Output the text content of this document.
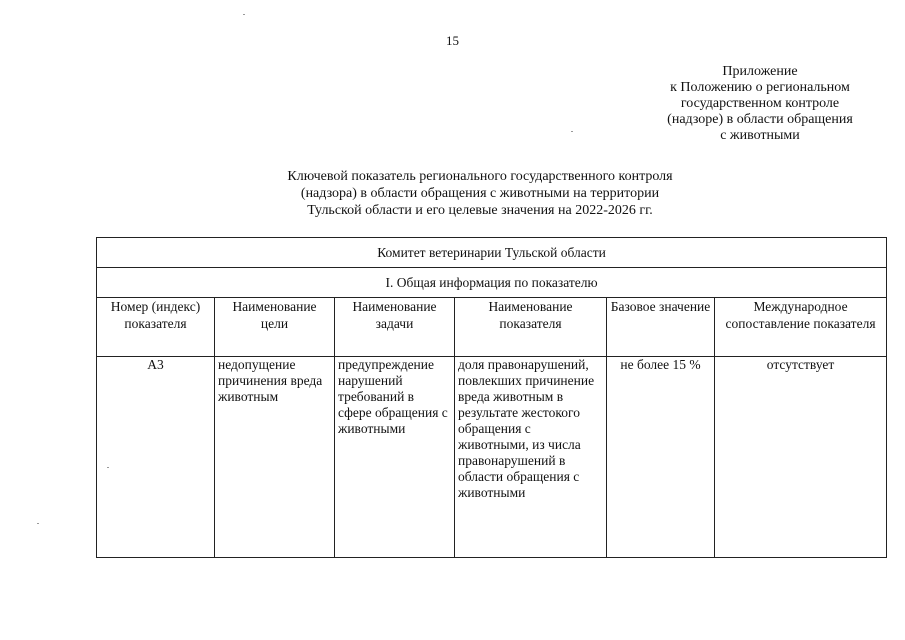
15
Приложение
к Положению о региональном
государственном контроле
(надзоре) в области обращения
с животными
Ключевой показатель регионального государственного контроля
(надзора) в области обращения с животными на территории
Тульской области и его целевые значения на 2022-2026 гг.
Комитет ветеринарии Тульской области					
I. Общая информация по показателю					
Номер (индекс) показателя	Наименование цели	Наименование задачи	Наименование показателя	Базовое значение	Международное сопоставление показателя
А3	недопущение причинения вреда животным	предупреждение нарушений требований в сфере обращения с животными	доля правонарушений, повлекших причинение вреда животным в результате жестокого обращения с животными, из числа правонарушений в области обращения с животными	не более 15 %	отсутствует
